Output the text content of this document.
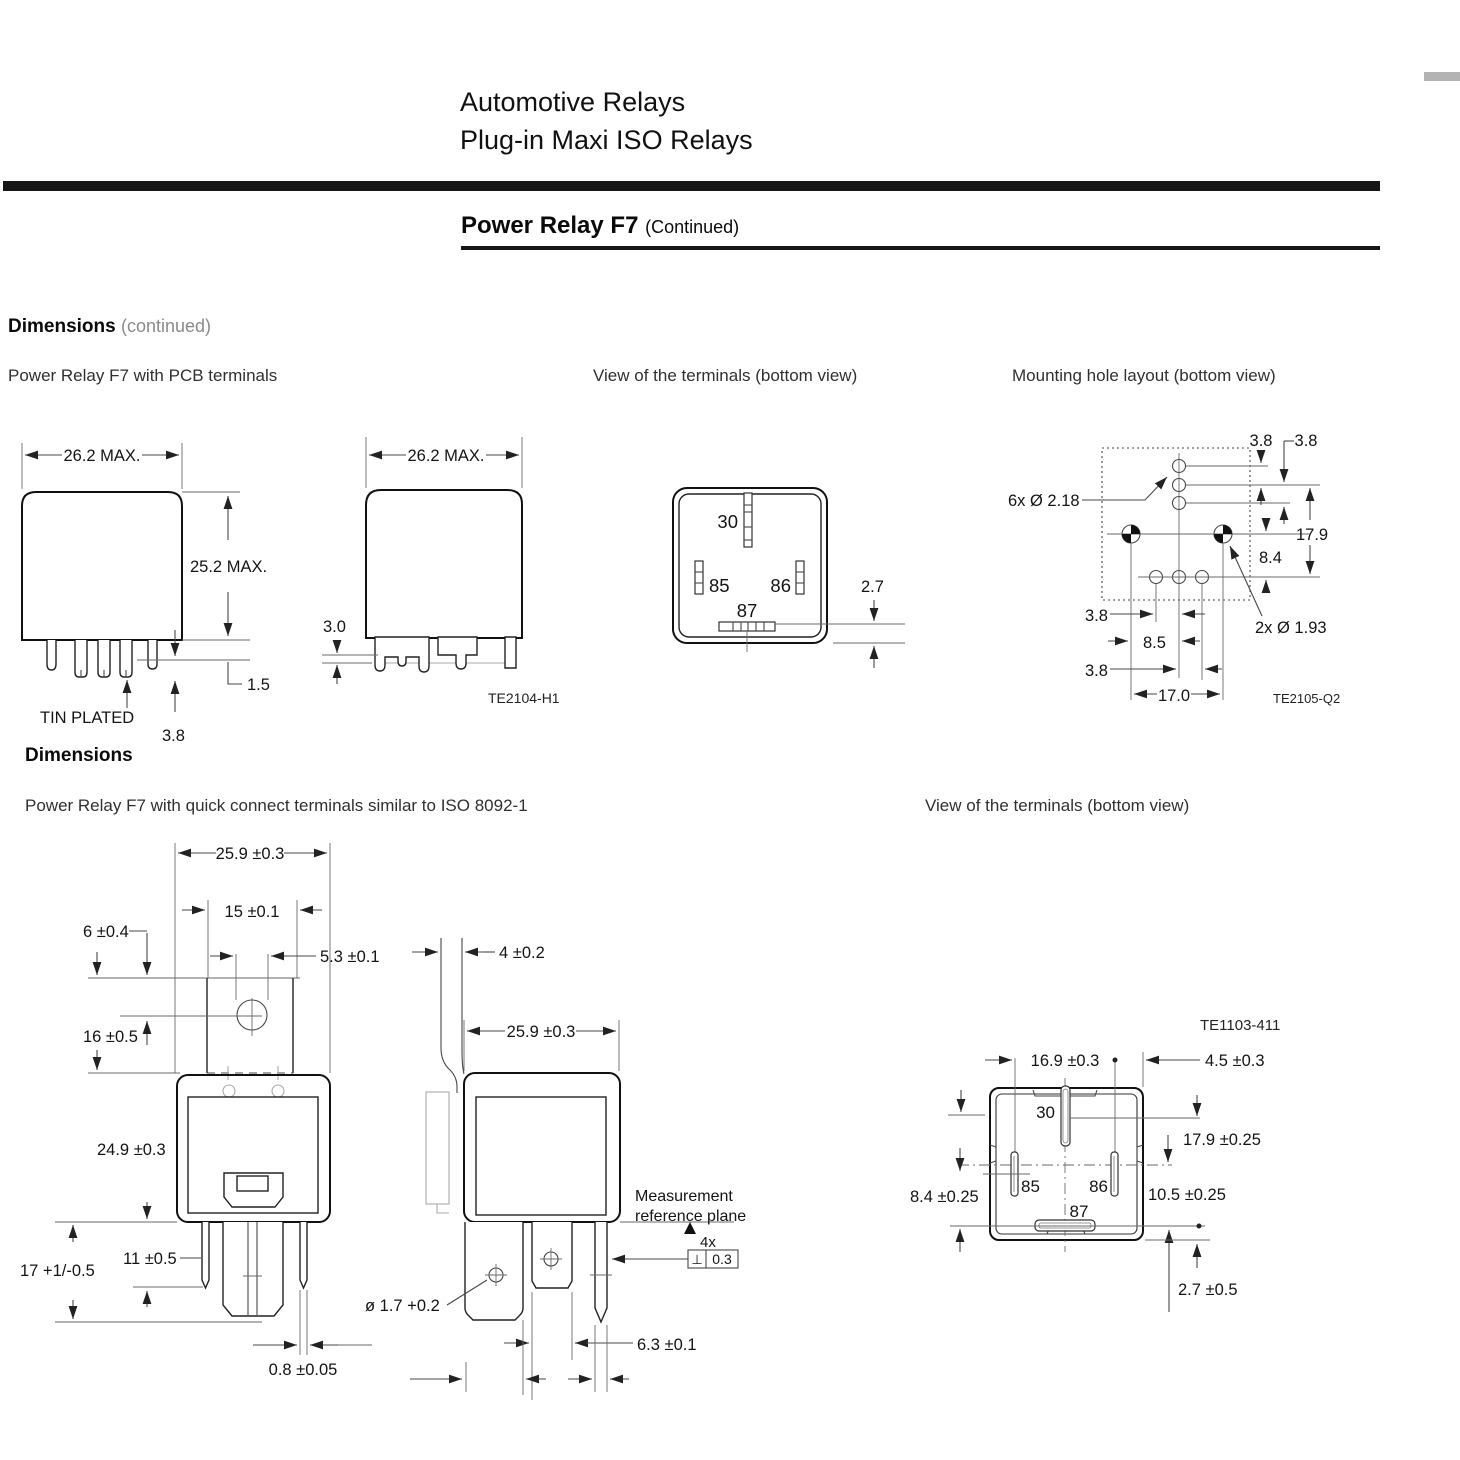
Automotive Relays
Plug-in Maxi ISO Relays
Power Relay F7 (Continued)
Dimensions (continued)
Power Relay F7 with PCB terminals	View of the terminals (bottom view)	Mounting hole layout (bottom view)
Dimensions
Power Relay F7 with quick connect terminals similar to ISO 8092-1	View of the terminals (bottom view)
26.2 MAX.
25.2 MAX.
1.5
TIN PLATED
3.8
26.2 MAX.
3.0
TE2104-H1
30
85 86
87
2.7
6x Ø 2.18
3.8 3.8
17.9
8.4
3.8
8.5
3.8
17.0
2x Ø 1.93
TE2105-Q2
25.9 ±0.3
15 ±0.1
6 ±0.4
16 ±0.5
5.3 ±0.1
17 +1/-0.5
11 ±0.5
24.9 ±0.3
0.8 ±0.05
4 ±0.2
25.9 ±0.3
Measurement
reference plane
4x
⊥ 0.3
ø 1.7 +0.2
6.3 ±0.1
TE1103-411
30
85	86
87
16.9 ±0.3	4.5 ±0.3
17.9 ±0.25
10.5 ±0.25
2.7 ±0.5
8.4 ±0.25
